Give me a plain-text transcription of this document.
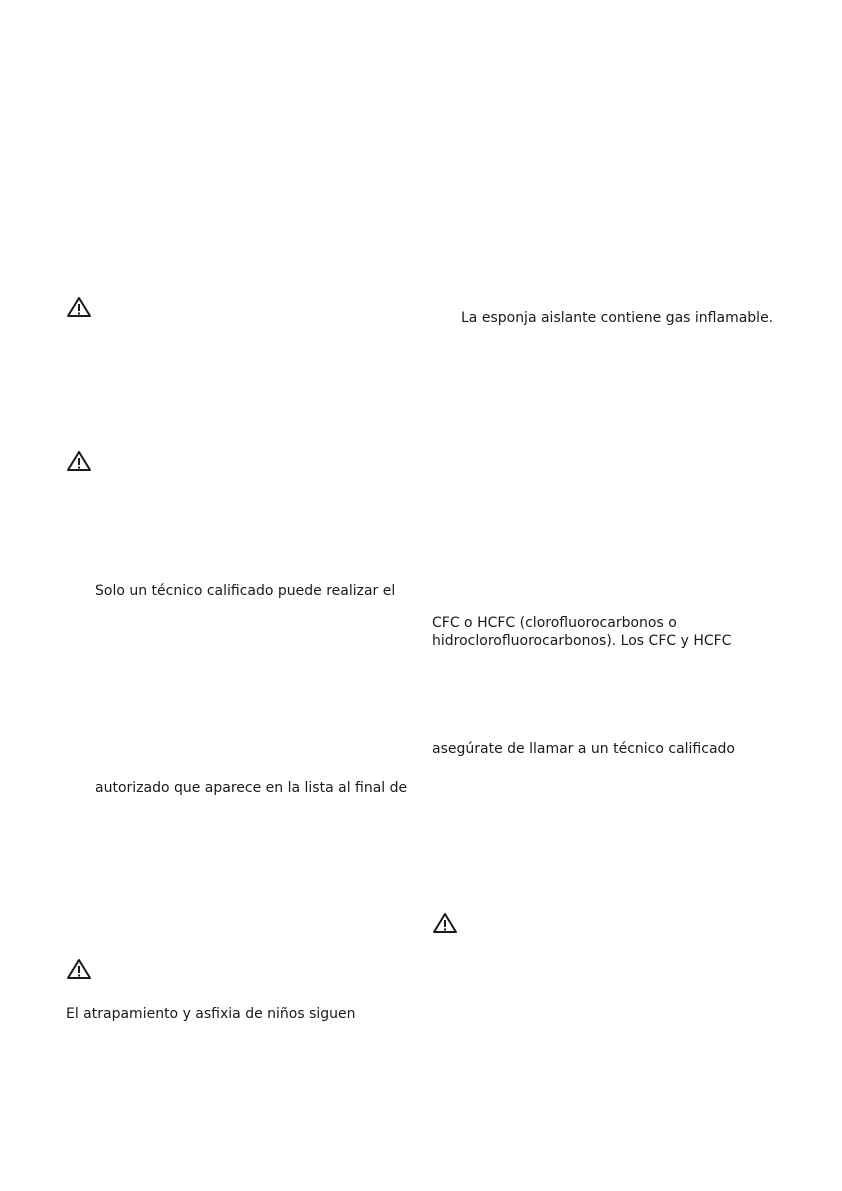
Solo un técnico calificado puede realizar el
autorizado que aparece en la lista al final de
El atrapamiento y asfixia de niños siguen
La esponja aislante contiene gas inflamable.
CFC o HCFC (clorofluorocarbonos o
hidroclorofluorocarbonos). Los CFC y HCFC
asegúrate de llamar a un técnico calificado
